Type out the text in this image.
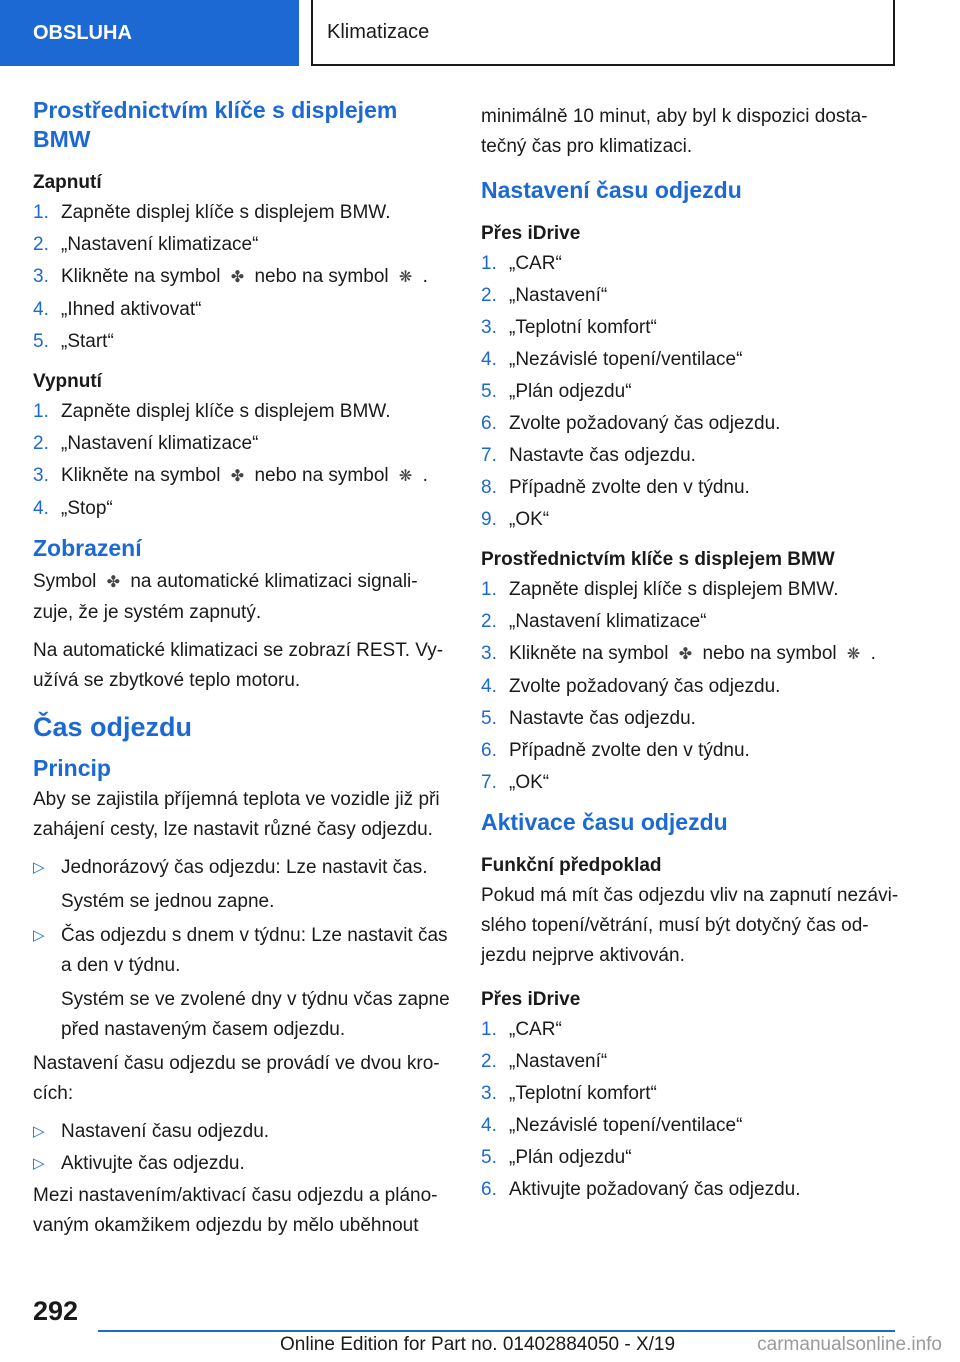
OBSLUHA	Klimatizace
Prostřednictvím klíče s displejem BMW
Zapnutí
1. Zapněte displej klíče s displejem BMW.
2. „Nastavení klimatizace“
3. Klikněte na symbol ✤ nebo na symbol ❋ .
4. „Ihned aktivovat“
5. „Start“
Vypnutí
1. Zapněte displej klíče s displejem BMW.
2. „Nastavení klimatizace“
3. Klikněte na symbol ✤ nebo na symbol ❋ .
4. „Stop“
Zobrazení

Symbol ✤ na automatické klimatizaci signali-zuje, že je systém zapnutý.

Na automatické klimatizaci se zobrazí REST. Vy-užívá se zbytkové teplo motoru.

Čas odjezdu
Princip

Aby se zajistila příjemná teplota ve vozidle již při zahájení cesty, lze nastavit různé časy odjezdu.

▷ Jednorázový čas odjezdu: Lze nastavit čas.

Systém se jednou zapne.

▷ Čas odjezdu s dnem v týdnu: Lze nastavit čas a den v týdnu.

Systém se ve zvolené dny v týdnu včas zapne před nastaveným časem odjezdu.

Nastavení času odjezdu se provádí ve dvou kro-cích:

▷ Nastavení času odjezdu.
▷ Aktivujte čas odjezdu.

Mezi nastavením/aktivací času odjezdu a pláno-vaným okamžikem odjezdu by mělo uběhnout

minimálně 10 minut, aby byl k dispozici dosta-tečný čas pro klimatizaci.

Nastavení času odjezdu
Přes iDrive
1. „CAR“
2. „Nastavení“
3. „Teplotní komfort“
4. „Nezávislé topení/ventilace“
5. „Plán odjezdu“
6. Zvolte požadovaný čas odjezdu.
7. Nastavte čas odjezdu.
8. Případně zvolte den v týdnu.
9. „OK“
Prostřednictvím klíče s displejem BMW
1. Zapněte displej klíče s displejem BMW.
2. „Nastavení klimatizace“
3. Klikněte na symbol ✤ nebo na symbol ❋ .
4. Zvolte požadovaný čas odjezdu.
5. Nastavte čas odjezdu.
6. Případně zvolte den v týdnu.
7. „OK“
Aktivace času odjezdu
Funkční předpoklad

Pokud má mít čas odjezdu vliv na zapnutí nezávi-slého topení/větrání, musí být dotyčný čas od-jezdu nejprve aktivován.

Přes iDrive
1. „CAR“
2. „Nastavení“
3. „Teplotní komfort“
4. „Nezávislé topení/ventilace“
5. „Plán odjezdu“
6. Aktivujte požadovaný čas odjezdu.
292
Online Edition for Part no. 01402884050 - X/19	carmanualsonline.info
